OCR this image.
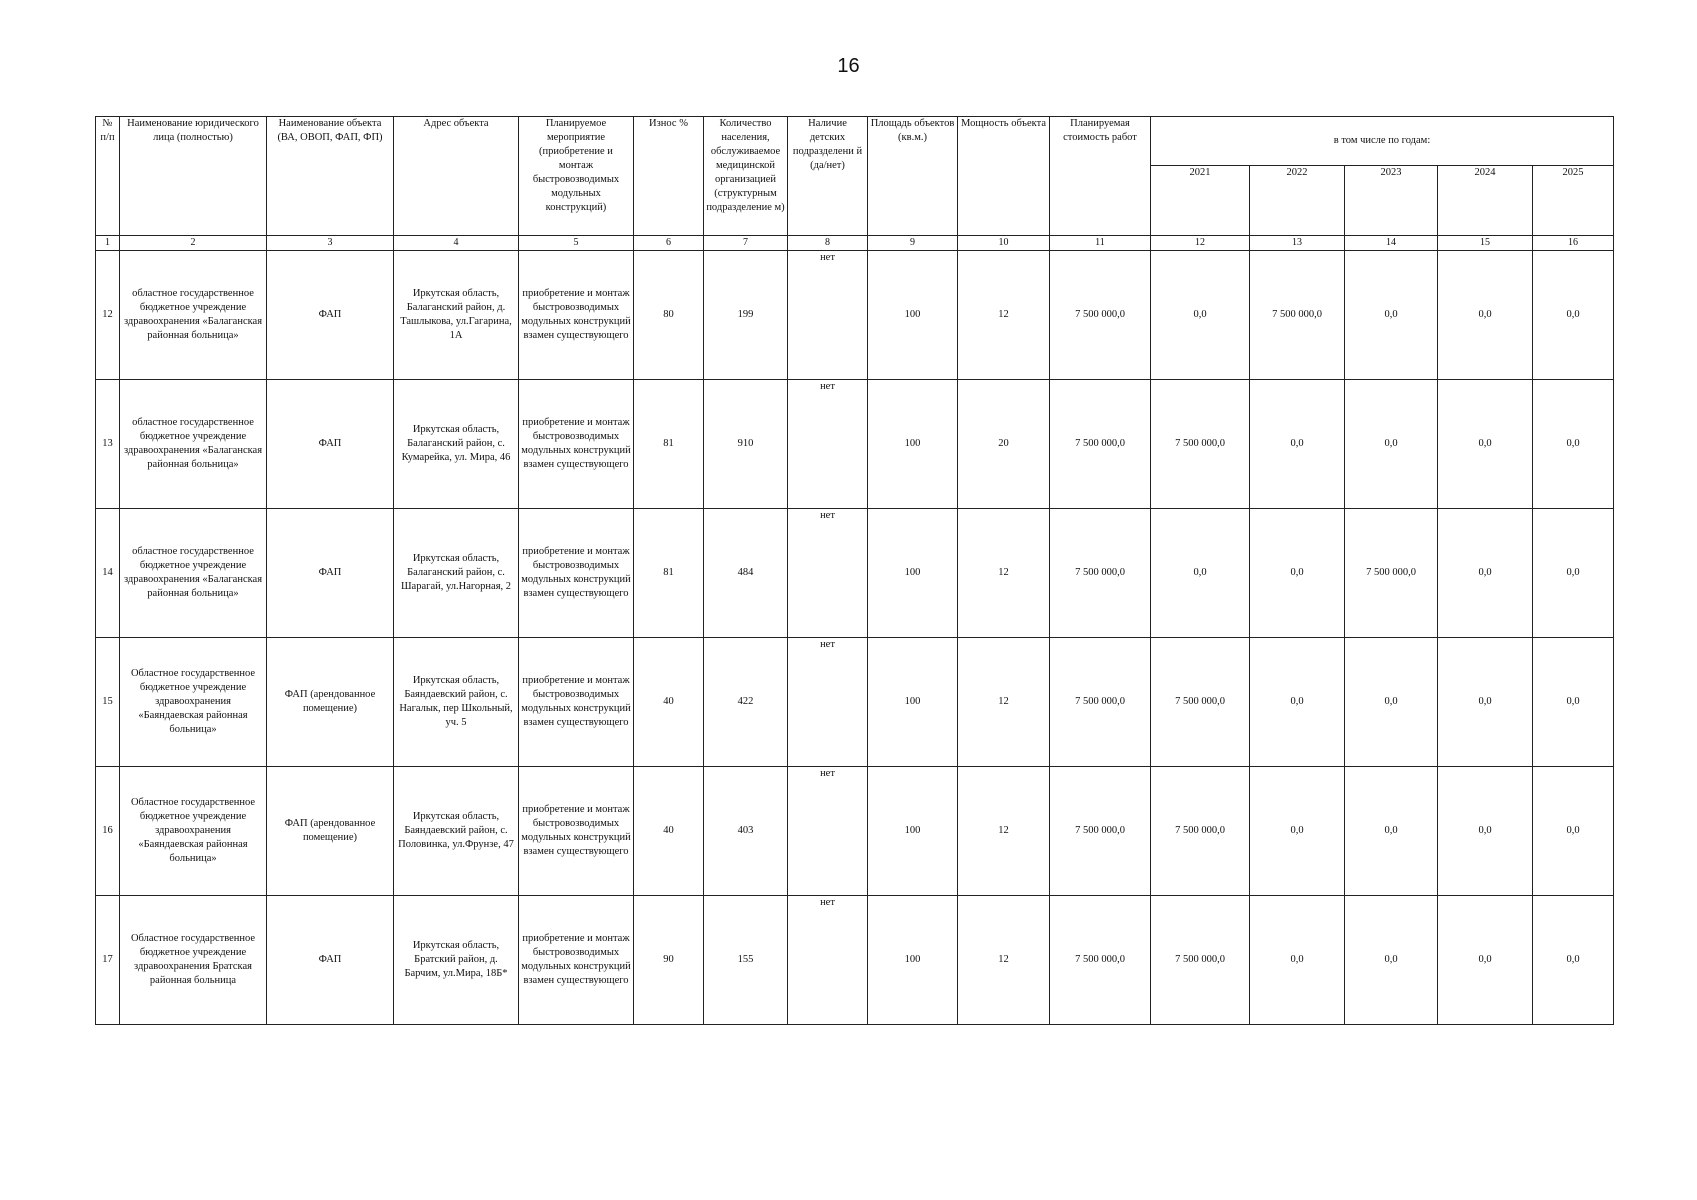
16
№ п/п	Наименование юридического лица (полностью)	Наименование объекта (ВА, ОВОП, ФАП, ФП)	Адрес объекта	Планируемое мероприятие (приобретение и монтаж быстровозводимых модульных конструкций)	Износ %	Количество населения, обслуживаемое медицинской организацией (структурным подразделение м)	Наличие детских подразделени й (да/нет)	Площадь объектов (кв.м.)	Мощность объекта	Планируемая стоимость работ	в том числе по годам:				
											2021	2022	2023	2024	2025
1	2	3	4	5	6	7	8	9	10	11	12	13	14	15	16
12	областное государственное бюджетное учреждение здравоохранения «Балаганская районная больница»	ФАП	Иркутская область, Балаганский район, д. Ташлыкова, ул.Гагарина, 1А	приобретение и монтаж быстровозводимых модульных конструкций взамен существующего	80	199	нет	100	12	7 500 000,0	0,0	7 500 000,0	0,0	0,0	0,0
13	областное государственное бюджетное учреждение здравоохранения «Балаганская районная больница»	ФАП	Иркутская область, Балаганский район, с. Кумарейка, ул. Мира, 46	приобретение и монтаж быстровозводимых модульных конструкций взамен существующего	81	910	нет	100	20	7 500 000,0	7 500 000,0	0,0	0,0	0,0	0,0
14	областное государственное бюджетное учреждение здравоохранения «Балаганская районная больница»	ФАП	Иркутская область, Балаганский район, с. Шарагай, ул.Нагорная, 2	приобретение и монтаж быстровозводимых модульных конструкций взамен существующего	81	484	нет	100	12	7 500 000,0	0,0	0,0	7 500 000,0	0,0	0,0
15	Областное государственное бюджетное учреждение здравоохранения «Баяндаевская районная больница»	ФАП (арендованное помещение)	Иркутская область, Баяндаевский район, с. Нагалык, пер Школьный, уч. 5	приобретение и монтаж быстровозводимых модульных конструкций взамен существующего	40	422	нет	100	12	7 500 000,0	7 500 000,0	0,0	0,0	0,0	0,0
16	Областное государственное бюджетное учреждение здравоохранения «Баяндаевская районная больница»	ФАП (арендованное помещение)	Иркутская область, Баяндаевский район, с. Половинка, ул.Фрунзе, 47	приобретение и монтаж быстровозводимых модульных конструкций взамен существующего	40	403	нет	100	12	7 500 000,0	7 500 000,0	0,0	0,0	0,0	0,0
17	Областное государственное бюджетное учреждение здравоохранения Братская районная больница	ФАП	Иркутская область, Братский район, д. Барчим, ул.Мира, 18Б*	приобретение и монтаж быстровозводимых модульных конструкций взамен существующего	90	155	нет	100	12	7 500 000,0	7 500 000,0	0,0	0,0	0,0	0,0
